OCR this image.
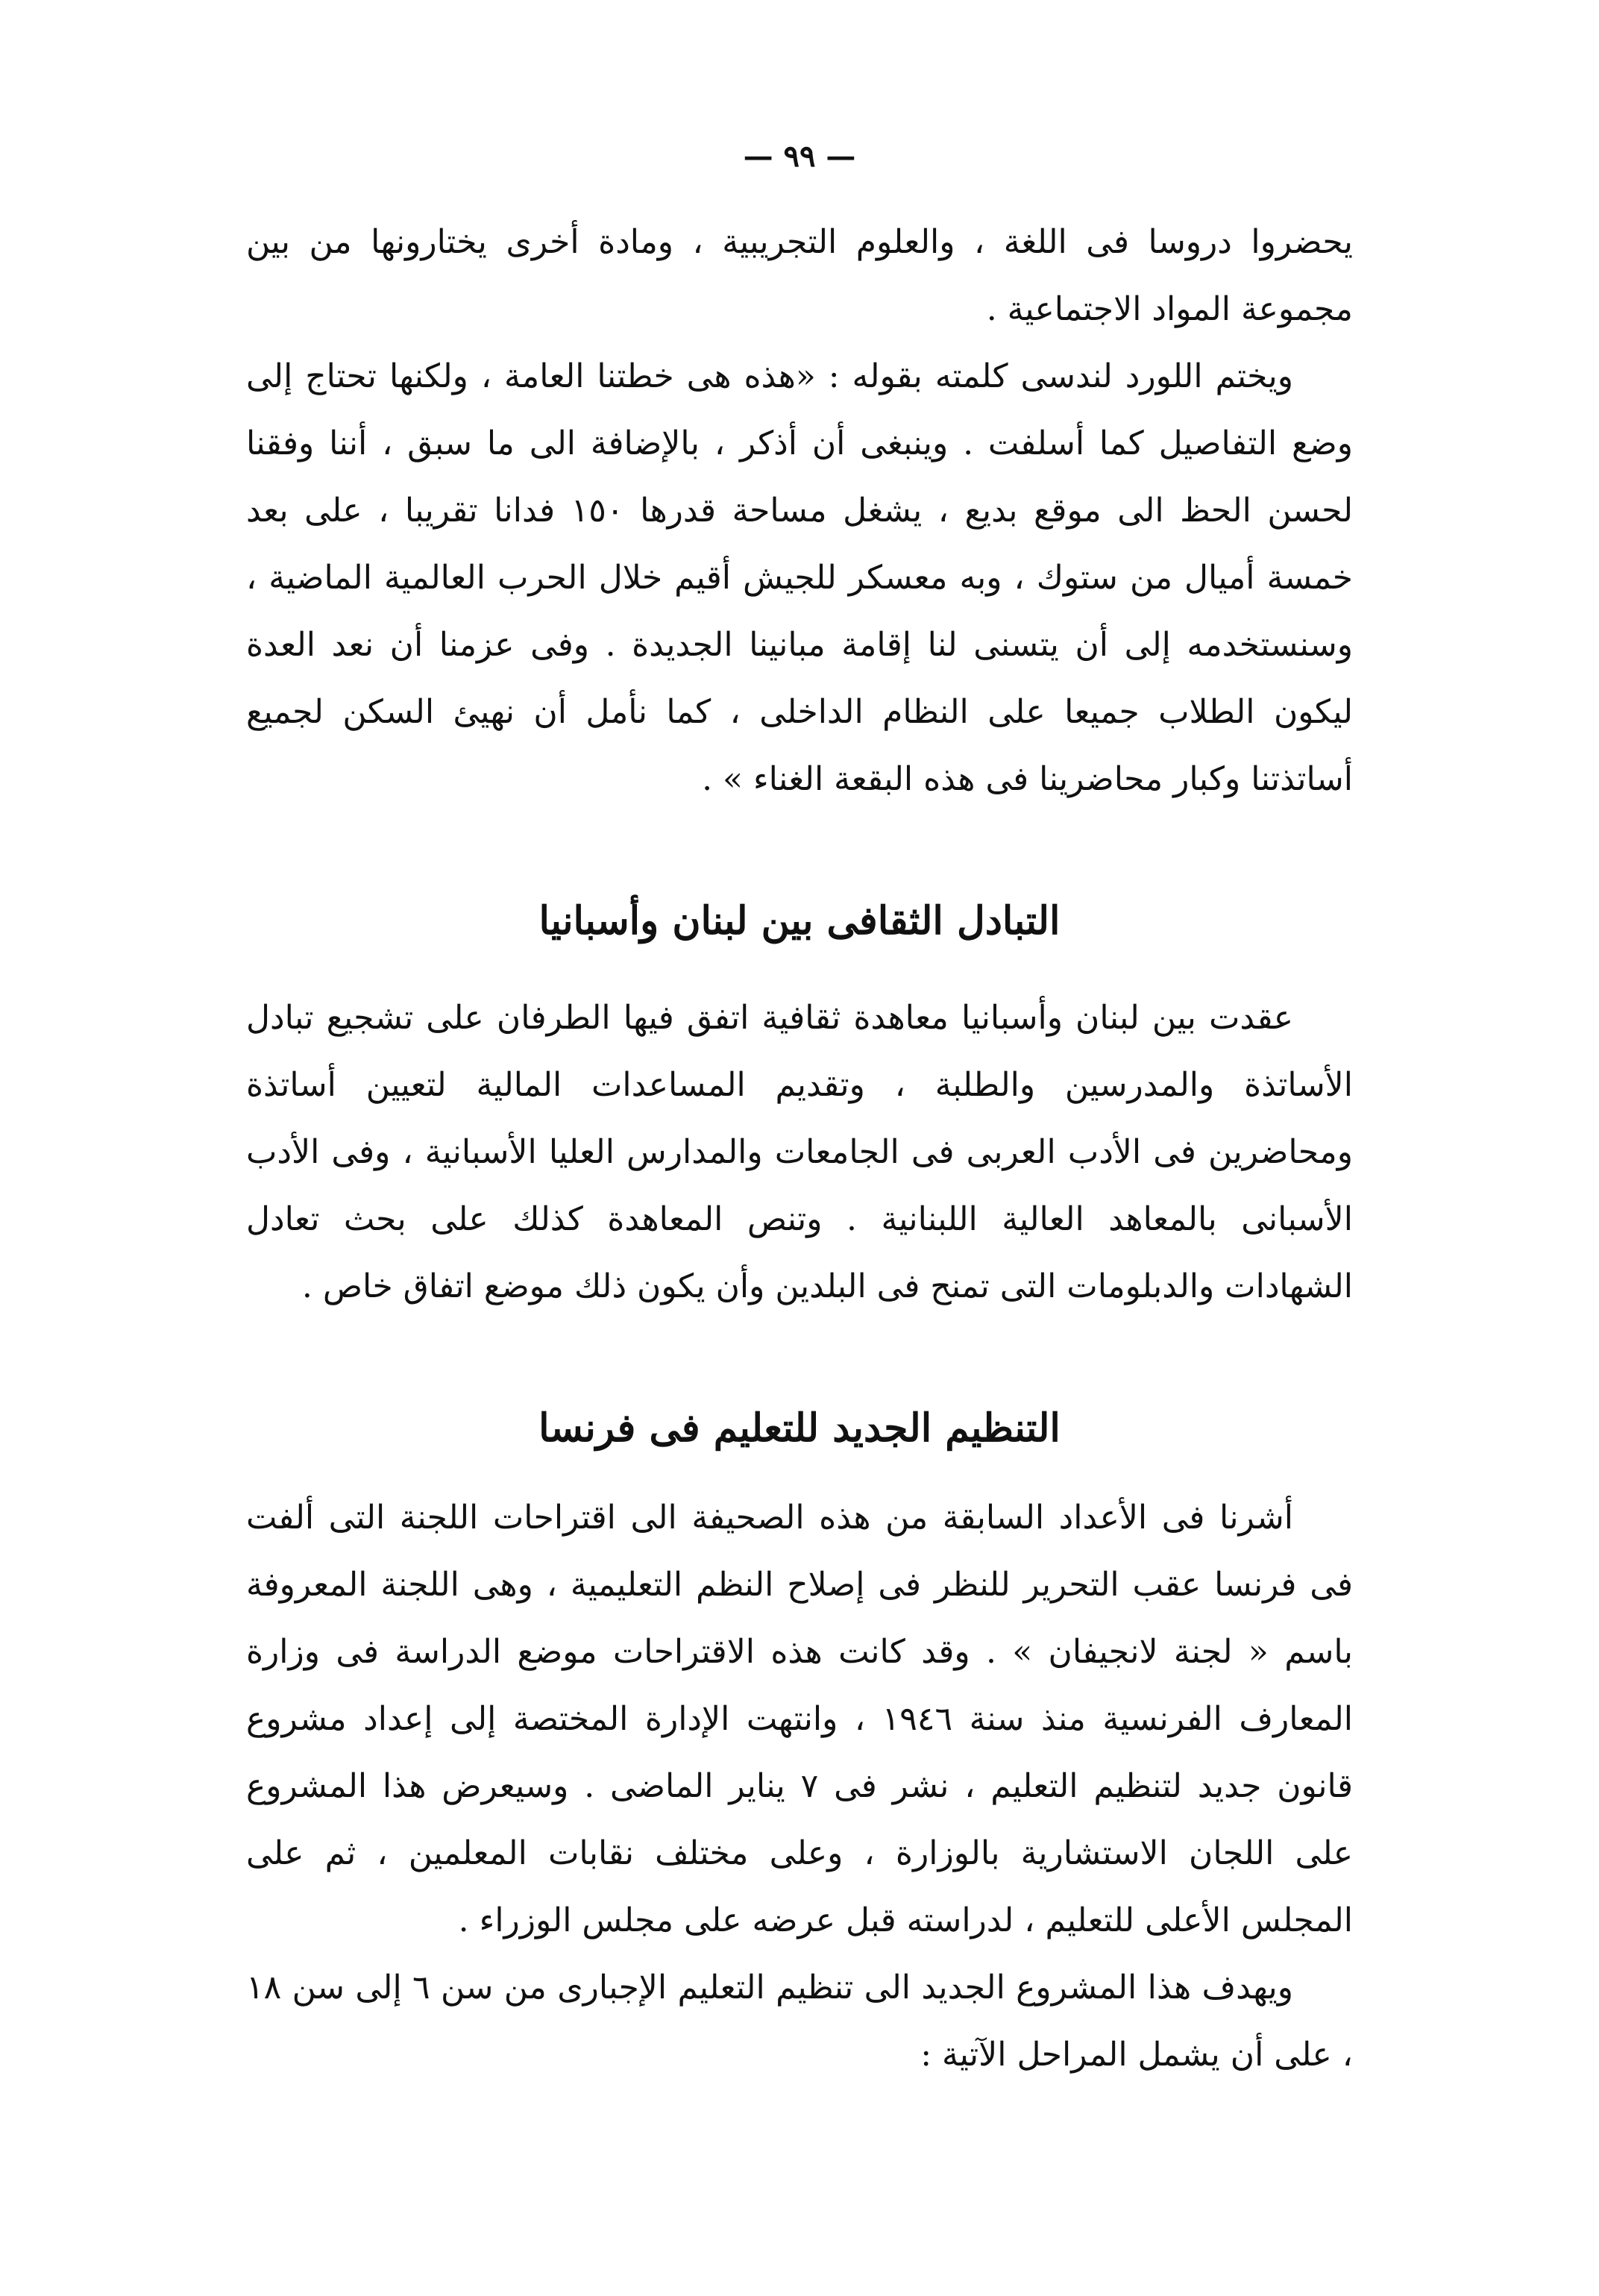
— ٩٩ —

يحضروا دروسا فى اللغة ، والعلوم التجريبية ، ومادة أخرى يختارونها من بين مجموعة المواد الاجتماعية .

ويختم اللورد لندسى كلمته بقوله : «هذه هى خطتنا العامة ، ولكنها تحتاج إلى وضع التفاصيل كما أسلفت . وينبغى أن أذكر ، بالإضافة الى ما سبق ، أننا وفقنا لحسن الحظ الى موقع بديع ، يشغل مساحة قدرها ١٥٠ فدانا تقريبا ، على بعد خمسة أميال من ستوك ، وبه معسكر للجيش أقيم خلال الحرب العالمية الماضية ، وسنستخدمه إلى أن يتسنى لنا إقامة مبانينا الجديدة . وفى عزمنا أن نعد العدة ليكون الطلاب جميعا على النظام الداخلى ، كما نأمل أن نهيئ السكن لجميع أساتذتنا وكبار محاضرينا فى هذه البقعة الغناء » .

التبادل الثقافى بين لبنان وأسبانيا

عقدت بين لبنان وأسبانيا معاهدة ثقافية اتفق فيها الطرفان على تشجيع تبادل الأساتذة والمدرسين والطلبة ، وتقديم المساعدات المالية لتعيين أساتذة ومحاضرين فى الأدب العربى فى الجامعات والمدارس العليا الأسبانية ، وفى الأدب الأسبانى بالمعاهد العالية اللبنانية . وتنص المعاهدة كذلك على بحث تعادل الشهادات والدبلومات التى تمنح فى البلدين وأن يكون ذلك موضع اتفاق خاص .

التنظيم الجديد للتعليم فى فرنسا

أشرنا فى الأعداد السابقة من هذه الصحيفة الى اقتراحات اللجنة التى ألفت فى فرنسا عقب التحرير للنظر فى إصلاح النظم التعليمية ، وهى اللجنة المعروفة باسم « لجنة لانجيفان » . وقد كانت هذه الاقتراحات موضع الدراسة فى وزارة المعارف الفرنسية منذ سنة ١٩٤٦ ، وانتهت الإدارة المختصة إلى إعداد مشروع قانون جديد لتنظيم التعليم ، نشر فى ٧ يناير الماضى . وسيعرض هذا المشروع على اللجان الاستشارية بالوزارة ، وعلى مختلف نقابات المعلمين ، ثم على المجلس الأعلى للتعليم ، لدراسته قبل عرضه على مجلس الوزراء .

ويهدف هذا المشروع الجديد الى تنظيم التعليم الإجبارى من سن ٦ إلى سن ١٨ ، على أن يشمل المراحل الآتية :
